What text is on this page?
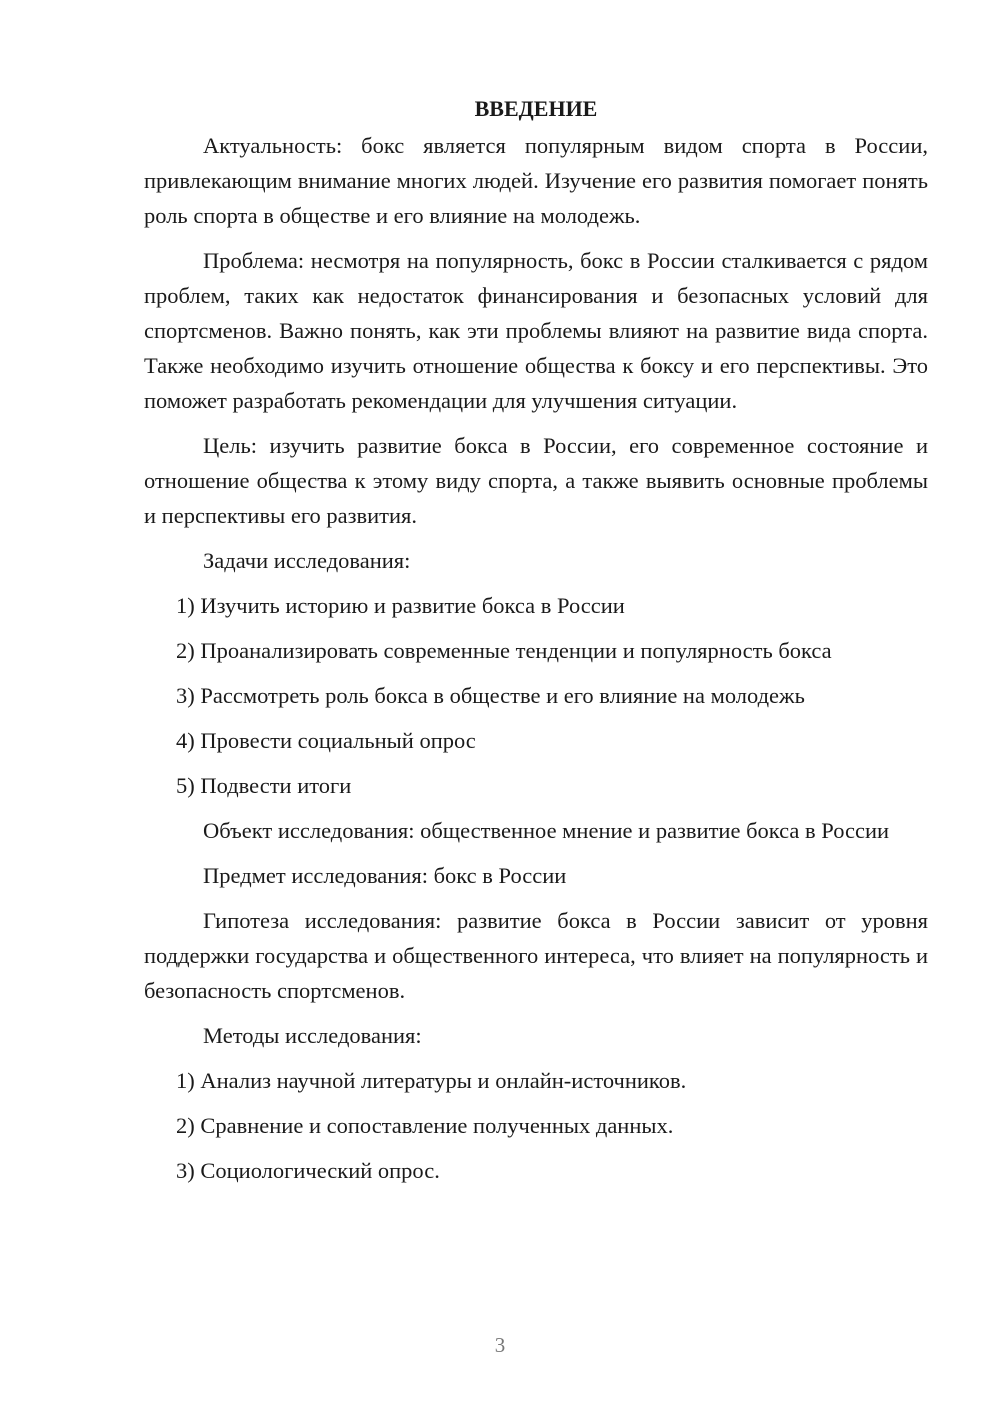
ВВЕДЕНИЕ

Актуальность: бокс является популярным видом спорта в России, привлекающим внимание многих людей. Изучение его развития помогает понять роль спорта в обществе и его влияние на молодежь.

Проблема: несмотря на популярность, бокс в России сталкивается с рядом проблем, таких как недостаток финансирования и безопасных условий для спортсменов. Важно понять, как эти проблемы влияют на развитие вида спорта. Также необходимо изучить отношение общества к боксу и его перспективы. Это поможет разработать рекомендации для улучшения ситуации.

Цель: изучить развитие бокса в России, его современное состояние и отношение общества к этому виду спорта, а также выявить основные проблемы и перспективы его развития.

Задачи исследования:

1) Изучить историю и развитие бокса в России

2) Проанализировать современные тенденции и популярность бокса

3) Рассмотреть роль бокса в обществе и его влияние на молодежь

4) Провести социальный опрос

5) Подвести итоги

Объект исследования: общественное мнение и развитие бокса в России

Предмет исследования: бокс в России

Гипотеза исследования: развитие бокса в России зависит от уровня поддержки государства и общественного интереса, что влияет на популярность и безопасность спортсменов.

Методы исследования:

1) Анализ научной литературы и онлайн-источников.

2) Сравнение и сопоставление полученных данных.

3) Социологический опрос.

3
